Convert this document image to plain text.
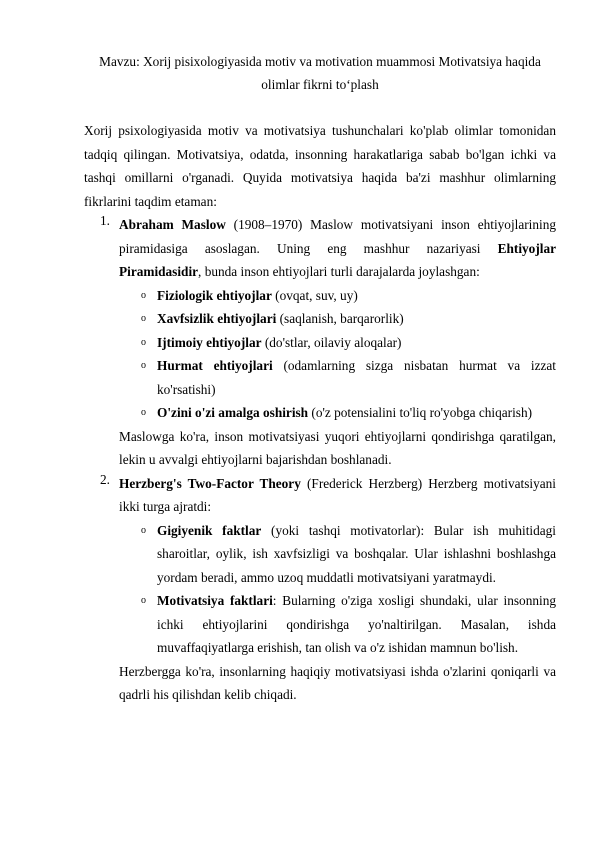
Mavzu: Xorij pisixologiyasida motiv va motivation muammosi Motivatsiya haqida olimlar fikrni to‘plash

Xorij psixologiyasida motiv va motivatsiya tushunchalari ko'plab olimlar tomonidan tadqiq qilingan. Motivatsiya, odatda, insonning harakatlariga sabab bo'lgan ichki va tashqi omillarni o'rganadi. Quyida motivatsiya haqida ba'zi mashhur olimlarning fikrlarini taqdim etaman:

1. Abraham Maslow (1908–1970) Maslow motivatsiyani inson ehtiyojlarining piramidasiga asoslagan. Uning eng mashhur nazariyasi Ehtiyojlar Piramidasidir, bunda inson ehtiyojlari turli darajalarda joylashgan:
o Fiziologik ehtiyojlar (ovqat, suv, uy)
o Xavfsizlik ehtiyojlari (saqlanish, barqarorlik)
o Ijtimoiy ehtiyojlar (do'stlar, oilaviy aloqalar)
o Hurmat ehtiyojlari (odamlarning sizga nisbatan hurmat va izzat ko'rsatishi)
o O'zini o'zi amalga oshirish (o'z potensialini to'liq ro'yobga chiqarish)
Maslowga ko'ra, inson motivatsiyasi yuqori ehtiyojlarni qondirishga qaratilgan, lekin u avvalgi ehtiyojlarni bajarishdan boshlanadi.
2. Herzberg's Two-Factor Theory (Frederick Herzberg) Herzberg motivatsiyani ikki turga ajratdi:
o Gigiyenik faktlar (yoki tashqi motivatorlar): Bular ish muhitidagi sharoitlar, oylik, ish xavfsizligi va boshqalar. Ular ishlashni boshlashga yordam beradi, ammo uzoq muddatli motivatsiyani yaratmaydi.
o Motivatsiya faktlari: Bularning o'ziga xosligi shundaki, ular insonning ichki ehtiyojlarini qondirishga yo'naltirilgan. Masalan, ishda muvaffaqiyatlarga erishish, tan olish va o'z ishidan mamnun bo'lish.
Herzbergga ko'ra, insonlarning haqiqiy motivatsiyasi ishda o'zlarini qoniqarli va qadrli his qilishdan kelib chiqadi.
